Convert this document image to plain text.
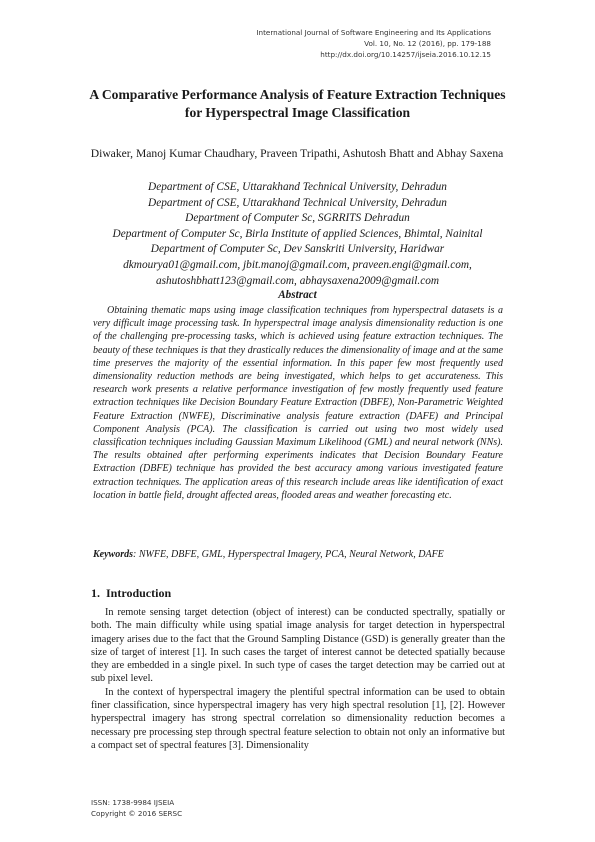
International Journal of Software Engineering and Its Applications
Vol. 10, No. 12 (2016), pp. 179-188
http://dx.doi.org/10.14257/ijseia.2016.10.12.15
A Comparative Performance Analysis of Feature Extraction Techniques for Hyperspectral Image Classification
Diwaker, Manoj Kumar Chaudhary, Praveen Tripathi, Ashutosh Bhatt and Abhay Saxena
Department of CSE, Uttarakhand Technical University, Dehradun
Department of CSE, Uttarakhand Technical University, Dehradun
Department of Computer Sc, SGRRITS Dehradun
Department of Computer Sc, Birla Institute of applied Sciences, Bhimtal, Nainital
Department of Computer Sc, Dev Sanskriti University, Haridwar
dkmourya01@gmail.com, jbit.manoj@gmail.com, praveen.engi@gmail.com,
ashutoshbhatt123@gmail.com, abhaysaxena2009@gmail.com
Abstract

Obtaining thematic maps using image classification techniques from hyperspectral datasets is a very difficult image processing task. In hyperspectral image analysis dimensionality reduction is one of the challenging pre-processing tasks, which is achieved using feature extraction techniques. The beauty of these techniques is that they drastically reduces the dimensionality of image and at the same time preserves the majority of the essential information. In this paper few most frequently used dimensionality reduction methods are being investigated, which helps to get accurateness. This research work presents a relative performance investigation of few mostly frequently used feature extraction techniques like Decision Boundary Feature Extraction (DBFE), Non-Parametric Weighted Feature Extraction (NWFE), Discriminative analysis feature extraction (DAFE) and Principal Component Analysis (PCA). The classification is carried out using two most widely used classification techniques including Gaussian Maximum Likelihood (GML) and neural network (NNs). The results obtained after performing experiments indicates that Decision Boundary Feature Extraction (DBFE) technique has provided the best accuracy among various investigated feature extraction techniques. The application areas of this research include areas like identification of exact location in battle field, drought affected areas, flooded areas and weather forecasting etc.

Keywords: NWFE, DBFE, GML, Hyperspectral Imagery, PCA, Neural Network, DAFE

1. Introduction

In remote sensing target detection (object of interest) can be conducted spectrally, spatially or both. The main difficulty while using spatial image analysis for target detection in hyperspectral imagery arises due to the fact that the Ground Sampling Distance (GSD) is generally greater than the size of target of interest [1]. In such cases the target of interest cannot be detected spatially because they are embedded in a single pixel. In such type of cases the target detection may be carried out at sub pixel level.

In the context of hyperspectral imagery the plentiful spectral information can be used to obtain finer classification, since hyperspectral imagery has very high spectral resolution [1], [2]. However hyperspectral imagery has strong spectral correlation so dimensionality reduction becomes a necessary pre processing step through spectral feature selection to obtain not only an informative but a compact set of spectral features [3]. Dimensionality

ISSN: 1738-9984 IJSEIA
Copyright © 2016 SERSC
